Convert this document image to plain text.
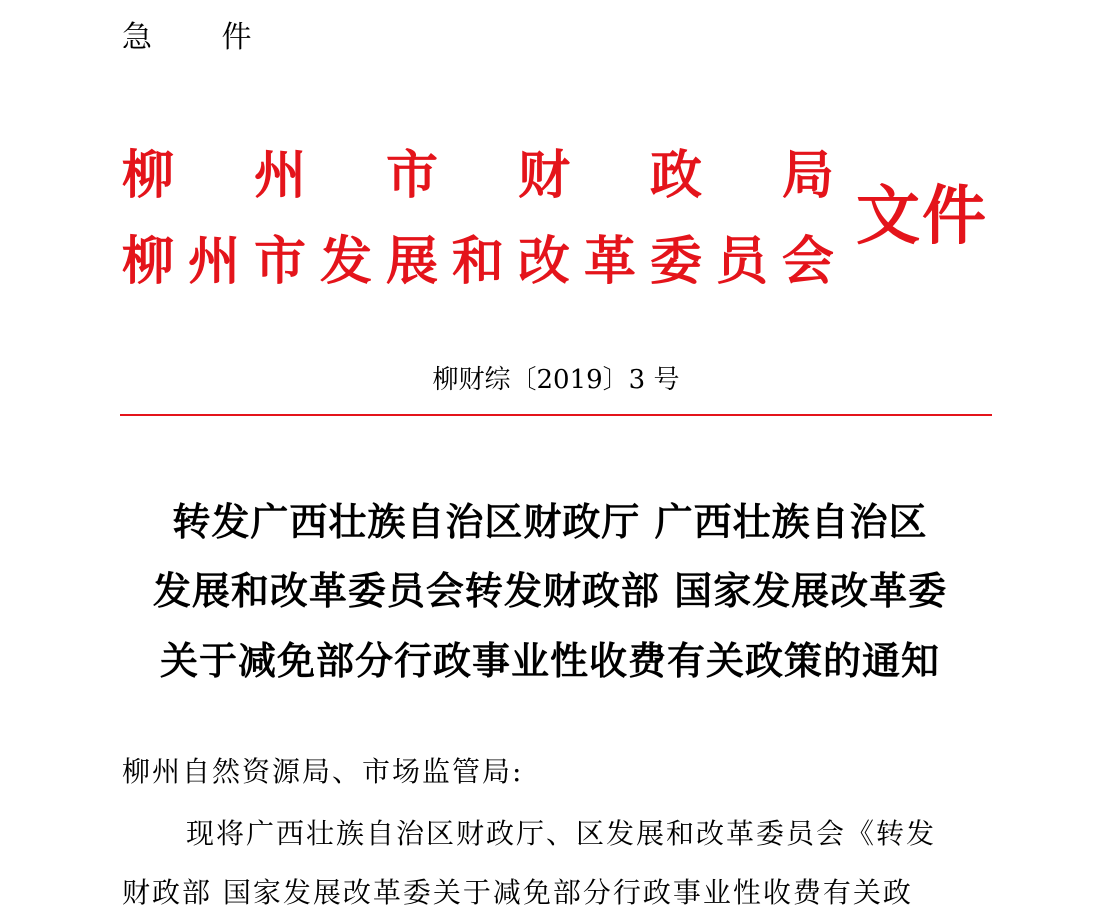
急 件
柳 州 市 财 政 局
柳 州 市 发 展 和 改 革 委 员 会
文件
柳财综〔2019〕3 号
转发广西壮族自治区财政厅 广西壮族自治区
发展和改革委员会转发财政部 国家发展改革委
关于减免部分行政事业性收费有关政策的通知
柳州自然资源局、市场监管局:
现将广西壮族自治区财政厅、区发展和改革委员会《转发
财政部 国家发展改革委关于减免部分行政事业性收费有关政
